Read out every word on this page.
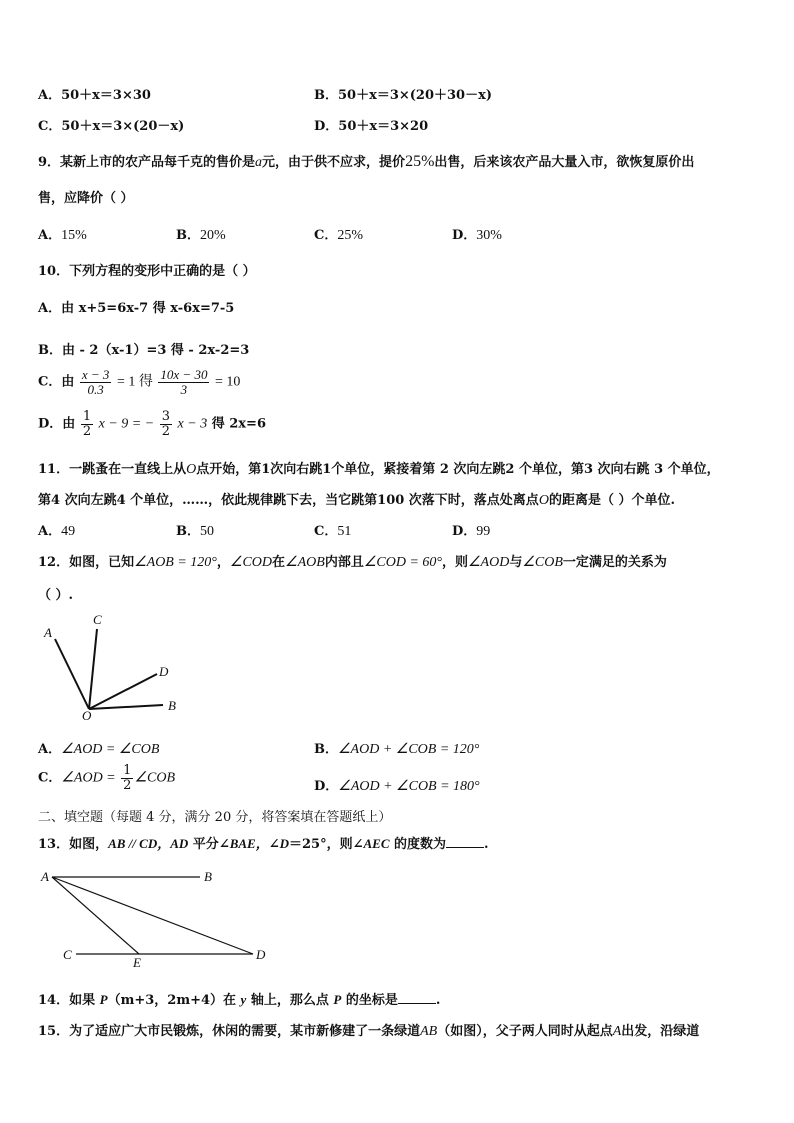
A．50＋x＝3×30	B．50＋x＝3×(20＋30－x)
C．50＋x＝3×(20－x)	D．50＋x＝3×20
9．某新上市的农产品每千克的售价是a元，由于供不应求，提价25%出售，后来该农产品大量入市，欲恢复原价出
售，应降价（ ）
A．15%	B．20%	C．25%	D．30%
10．下列方程的变形中正确的是（ ）
A．由 x+5=6x-7 得 x-6x=7-5
B．由 - 2（x-1）=3 得 - 2x-2=3
C．由 $\frac{x - 3}{0.3} = 1$ 得 $\frac{10x - 30}{3} = 10$
D．由 $\frac{1}{2}$ x − 9 = − $\frac{3}{2}$ x − 3 得 2x=6
11．一跳蚤在一直线上从O点开始，第1次向右跳1个单位，紧接着第 2 次向左跳2 个单位，第3 次向右跳 3 个单位，
第4 次向左跳4 个单位，……，依此规律跳下去，当它跳第100 次落下时，落点处离点O的距离是（ ）个单位.
A．49	B．50	C．51	D．99
12．如图，已知∠AOB = 120°，∠COD在∠AOB内部且∠COD = 60°，则∠AOD与∠COB一定满足的关系为
（ ）.
A
C
D
O
B
A．∠AOD = ∠COB	B．∠AOD + ∠COB = 120°
C．∠AOD = $\frac{1}{2}$ ∠COB
D．∠AOD + ∠COB = 180°
二、填空题（每题 4 分，满分 20 分，将答案填在答题纸上）
13．如图，AB // CD，AD 平分∠BAE，∠D＝25°，则∠AEC 的度数为	.
A	B
C
E
D
14．如果 P（m+3，2m+4）在 y 轴上，那么点 P 的坐标是	.
15．为了适应广大市民锻炼，休闲的需要，某市新修建了一条绿道AB（如图），父子两人同时从起点A出发，沿绿道
